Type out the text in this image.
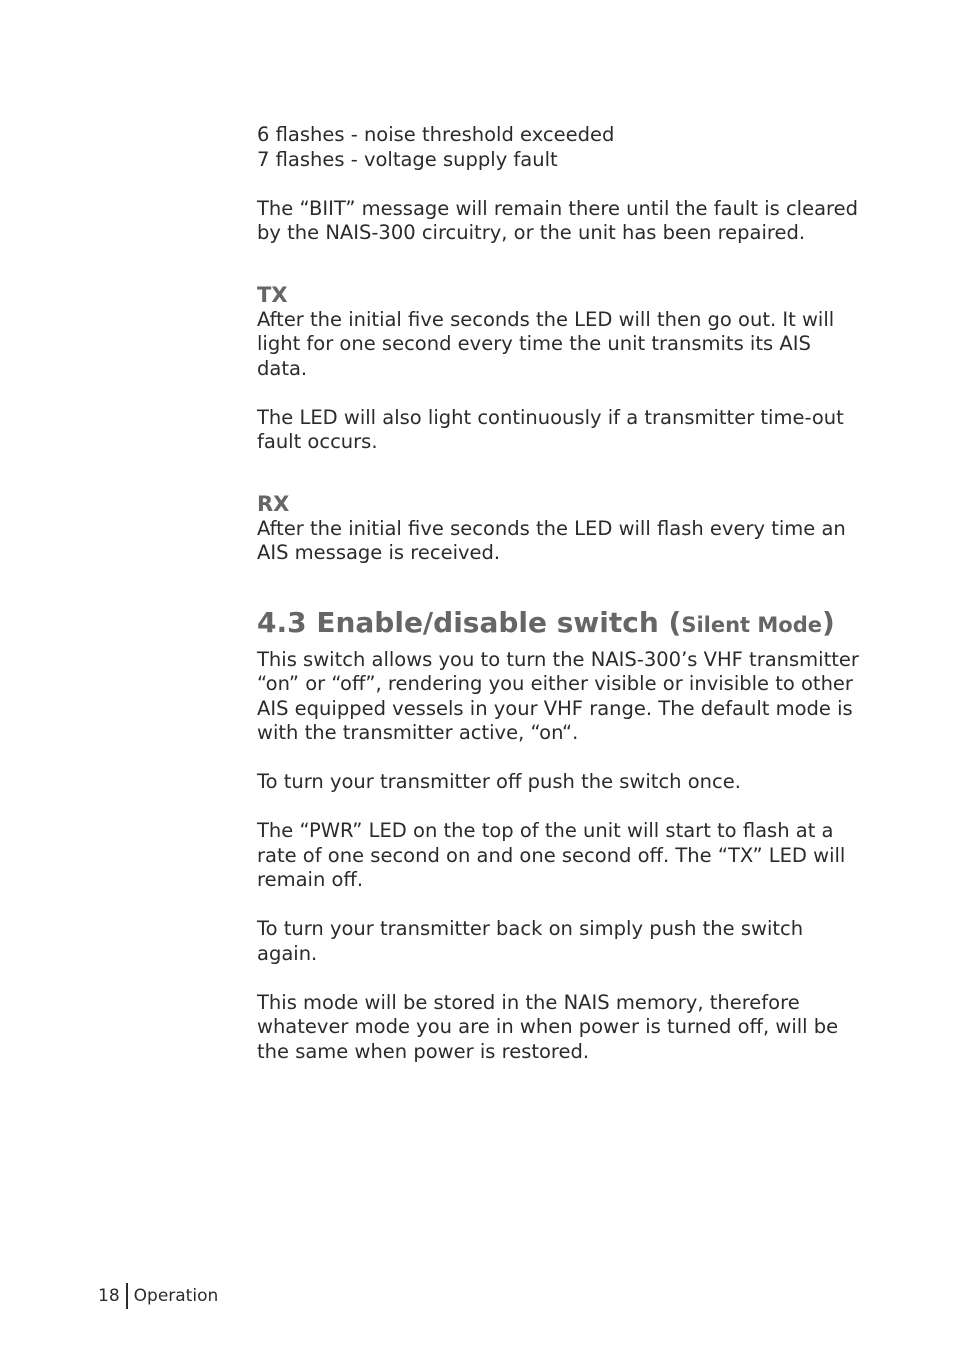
6 flashes - noise threshold exceeded

7 flashes - voltage supply fault

The “BIIT” message will remain there until the fault is cleared by the NAIS-300 circuitry, or the unit has been repaired.

TX

After the initial five seconds the LED will then go out. It will light for one second every time the unit transmits its AIS data.

The LED will also light continuously if a transmitter time-out fault occurs.

RX

After the initial five seconds the LED will flash every time an AIS message is received.

4.3 Enable/disable switch (Silent Mode)

This switch allows you to turn the NAIS-300’s VHF transmitter “on” or “off”, rendering you either visible or invisible to other AIS equipped vessels in your VHF range. The default mode is with the transmitter active, “on“.

To turn your transmitter off push the switch once.

The “PWR” LED on the top of the unit will start to flash at a rate of one second on and one second off. The “TX” LED will remain off.

To turn your transmitter back on simply push the switch again.

This mode will be stored in the NAIS memory, therefore whatever mode you are in when power is turned off, will be the same when power is restored.

18 Operation
